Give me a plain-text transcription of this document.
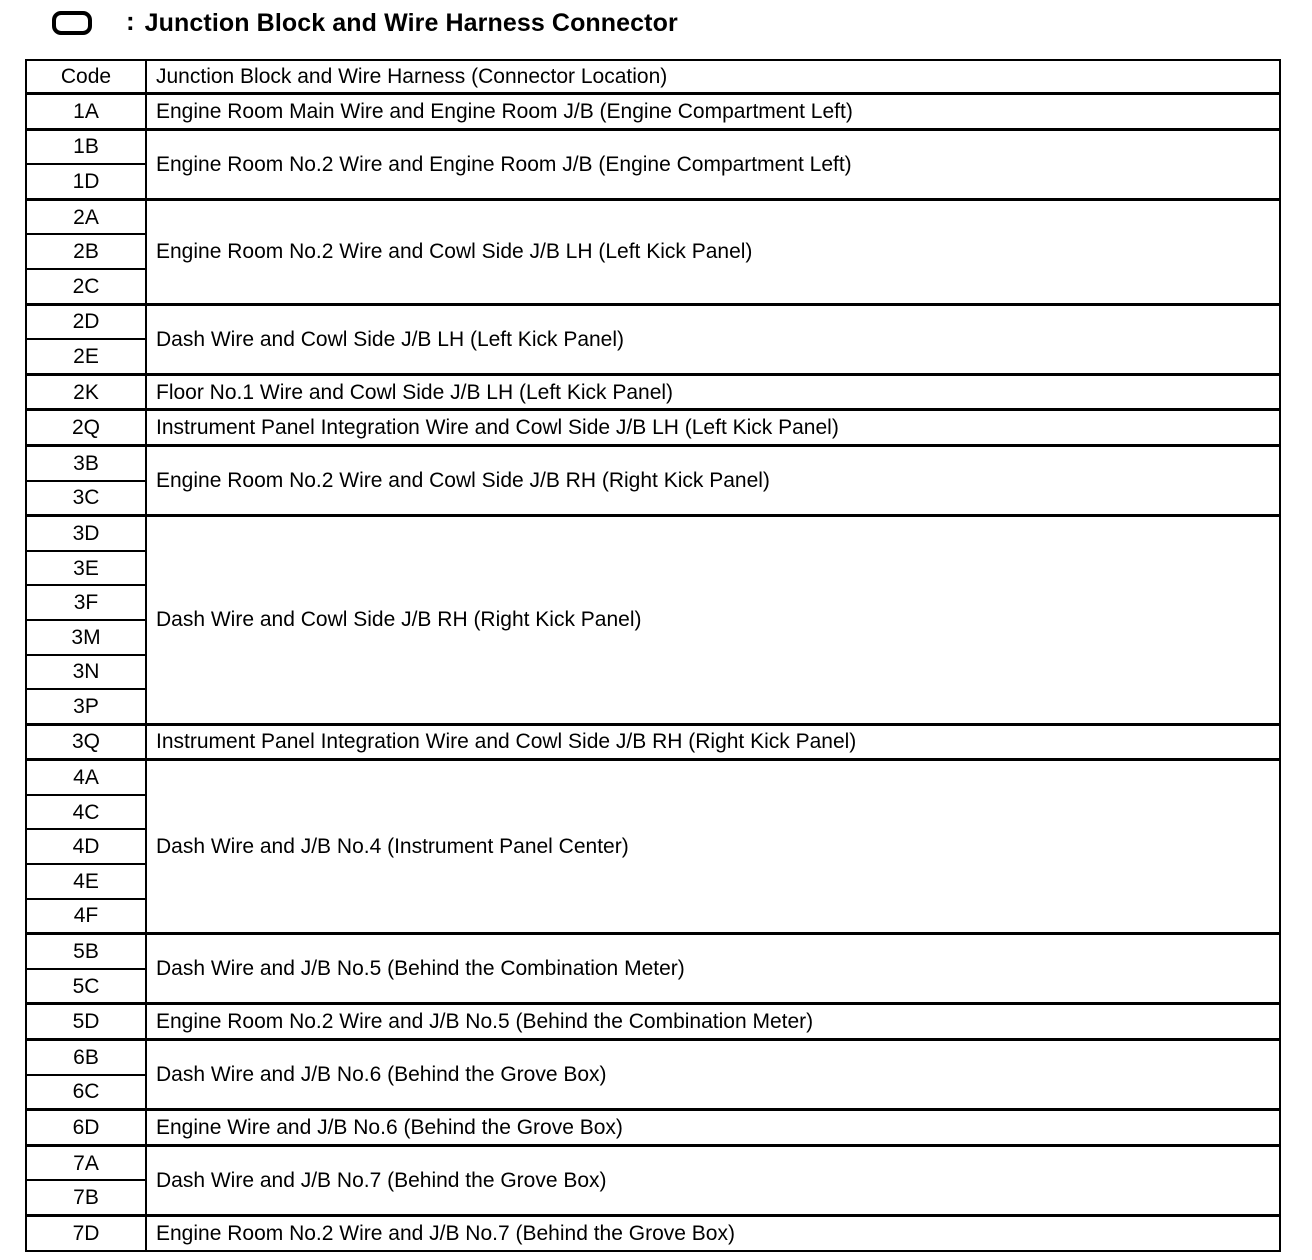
: Junction Block and Wire Harness Connector
Code	Junction Block and Wire Harness (Connector Location)
1A	Engine Room Main Wire and Engine Room J/B (Engine Compartment Left)
1B	Engine Room No.2 Wire and Engine Room J/B (Engine Compartment Left)
1D	
2A	Engine Room No.2 Wire and Cowl Side J/B LH (Left Kick Panel)
2B	
2C	
2D	Dash Wire and Cowl Side J/B LH (Left Kick Panel)
2E	
2K	Floor No.1 Wire and Cowl Side J/B LH (Left Kick Panel)
2Q	Instrument Panel Integration Wire and Cowl Side J/B LH (Left Kick Panel)
3B	Engine Room No.2 Wire and Cowl Side J/B RH (Right Kick Panel)
3C	
3D	Dash Wire and Cowl Side J/B RH (Right Kick Panel)
3E	
3F	
3M	
3N	
3P	
3Q	Instrument Panel Integration Wire and Cowl Side J/B RH (Right Kick Panel)
4A	Dash Wire and J/B No.4 (Instrument Panel Center)
4C	
4D	
4E	
4F	
5B	Dash Wire and J/B No.5 (Behind the Combination Meter)
5C	
5D	Engine Room No.2 Wire and J/B No.5 (Behind the Combination Meter)
6B	Dash Wire and J/B No.6 (Behind the Grove Box)
6C	
6D	Engine Wire and J/B No.6 (Behind the Grove Box)
7A	Dash Wire and J/B No.7 (Behind the Grove Box)
7B	
7D	Engine Room No.2 Wire and J/B No.7 (Behind the Grove Box)
